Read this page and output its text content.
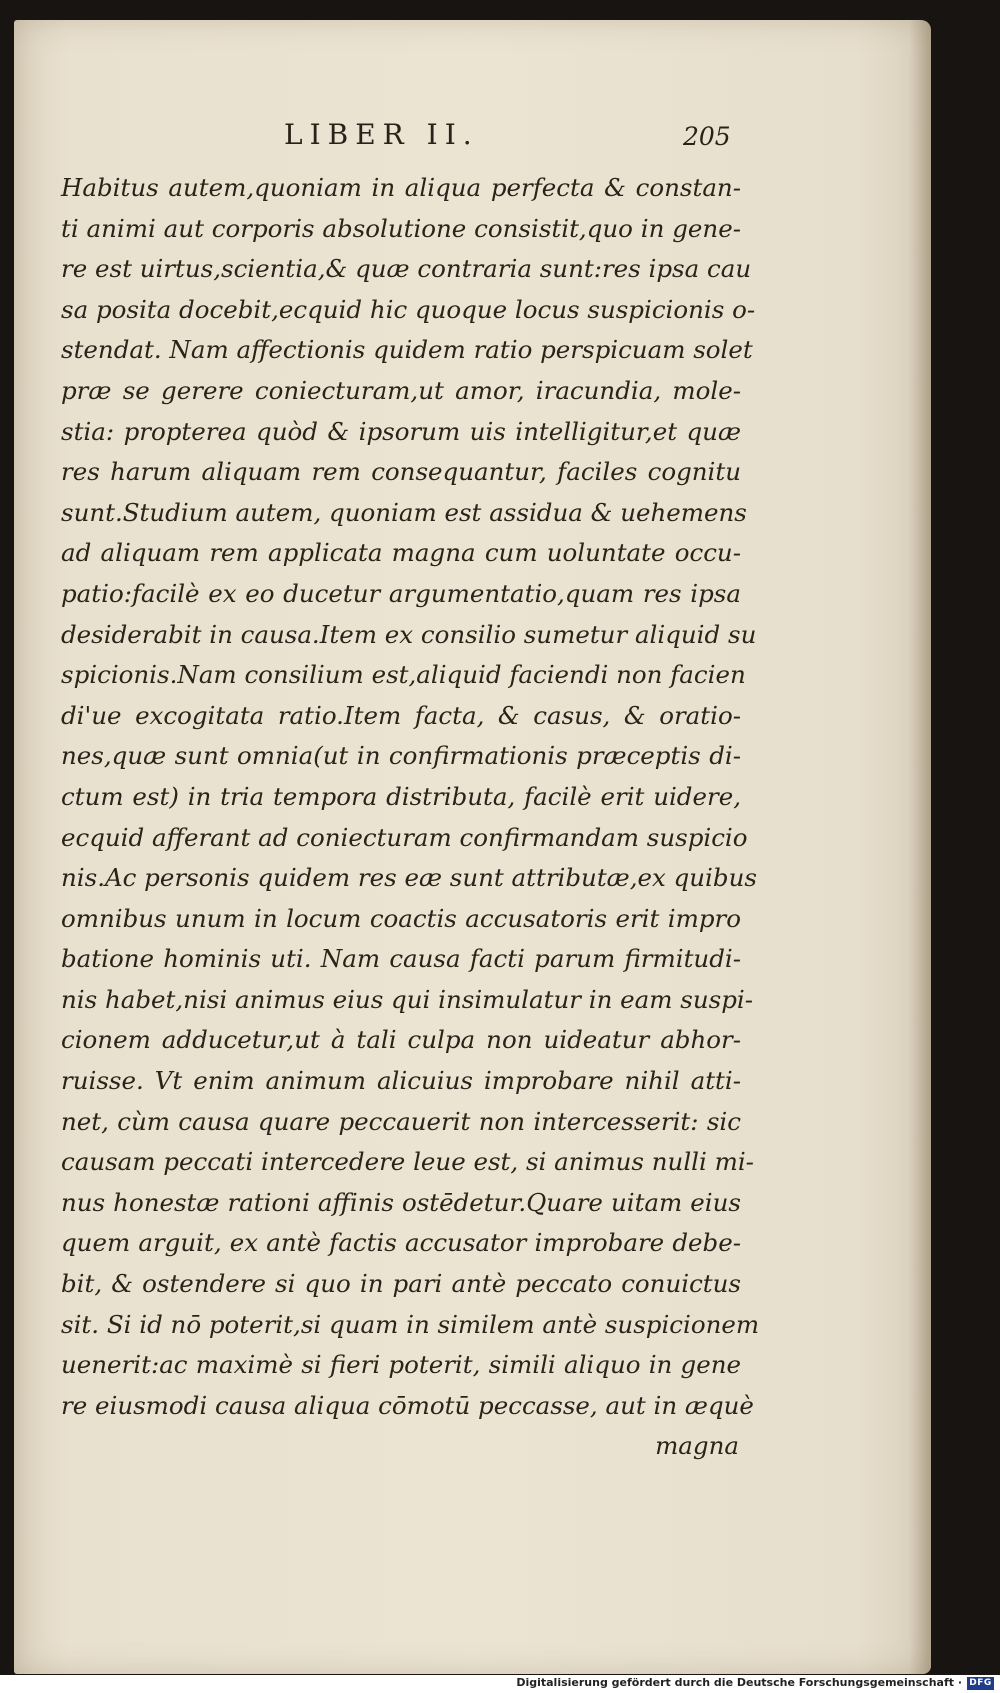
LIBER II.	205
Habitus autem,quoniam in aliqua perfecta & constan-
ti animi aut corporis absolutione consistit,quo in gene-
re est uirtus,scientia,& quæ contraria sunt:res ipsa cau
sa posita docebit,ecquid hic quoque locus suspicionis o-
stendat. Nam affectionis quidem ratio perspicuam solet
præ se gerere coniecturam,ut amor, iracundia, mole-
stia: propterea quòd & ipsorum uis intelligitur,et quæ
res harum aliquam rem consequantur, faciles cognitu
sunt.Studium autem, quoniam est assidua & uehemens
ad aliquam rem applicata magna cum uoluntate occu-
patio:facilè ex eo ducetur argumentatio,quam res ipsa
desiderabit in causa.Item ex consilio sumetur aliquid su
spicionis.Nam consilium est,aliquid faciendi non facien
di'ue excogitata ratio.Item facta, & casus, & oratio-
nes,quæ sunt omnia(ut in confirmationis præceptis di-
ctum est) in tria tempora distributa, facilè erit uidere,
ecquid afferant ad coniecturam confirmandam suspicio
nis.Ac personis quidem res eæ sunt attributæ,ex quibus
omnibus unum in locum coactis accusatoris erit impro
batione hominis uti. Nam causa facti parum firmitudi-
nis habet,nisi animus eius qui insimulatur in eam suspi-
cionem adducetur,ut à tali culpa non uideatur abhor-
ruisse. Vt enim animum alicuius improbare nihil atti-
net, cùm causa quare peccauerit non intercesserit: sic
causam peccati intercedere leue est, si animus nulli mi-
nus honestæ rationi affinis ostēdetur.Quare uitam eius
quem arguit, ex antè factis accusator improbare debe-
bit, & ostendere si quo in pari antè peccato conuictus
sit. Si id nō poterit,si quam in similem antè suspicionem
uenerit:ac maximè si fieri poterit, simili aliquo in gene
re eiusmodi causa aliqua cōmotū peccasse, aut in æquè
magna
Digitalisierung gefördert durch die Deutsche Forschungsgemeinschaft · DFG
